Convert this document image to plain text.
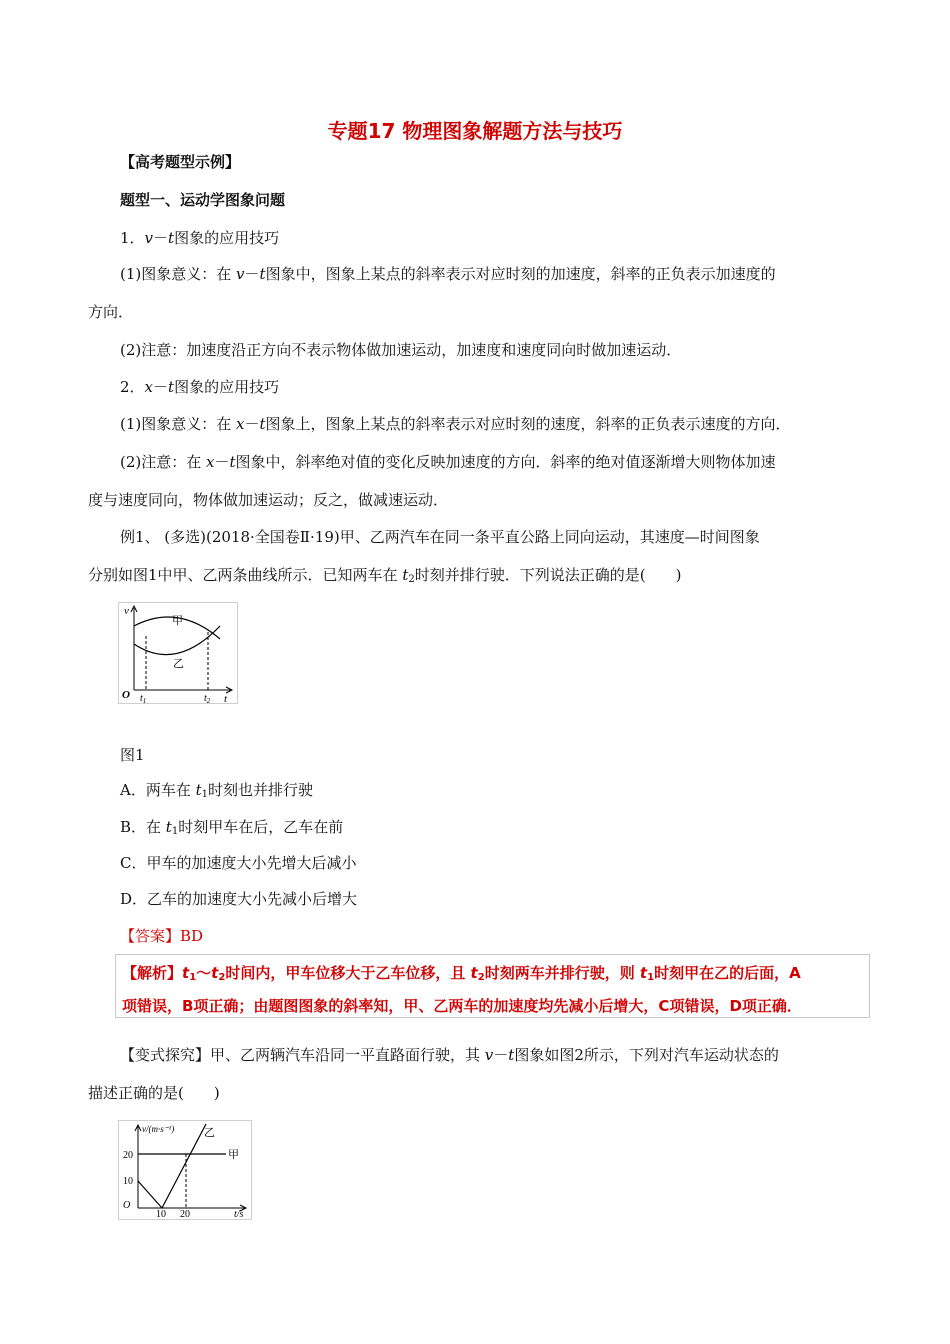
专题17 物理图象解题方法与技巧
【高考题型示例】
题型一、运动学图象问题
1．v－t图象的应用技巧
(1)图象意义：在 v－t图象中，图象上某点的斜率表示对应时刻的加速度，斜率的正负表示加速度的
方向．
(2)注意：加速度沿正方向不表示物体做加速运动，加速度和速度同向时做加速运动．
2．x－t图象的应用技巧
(1)图象意义：在 x－t图象上，图象上某点的斜率表示对应时刻的速度，斜率的正负表示速度的方向．
(2)注意：在 x－t图象中，斜率绝对值的变化反映加速度的方向．斜率的绝对值逐渐增大则物体加速
度与速度同向，物体做加速运动；反之，做减速运动．
例1、 (多选)(2018·全国卷Ⅱ·19)甲、乙两汽车在同一条平直公路上同向运动，其速度—时间图象
分别如图1中甲、乙两条曲线所示．已知两车在 $t_2$时刻并排行驶．下列说法正确的是(　　)
v
O	t
$t_1$	$t_2$
甲
乙
图1
A．两车在 $t_1$时刻也并排行驶
B．在 $t_1$时刻甲车在后，乙车在前
C．甲车的加速度大小先增大后减小
D．乙车的加速度大小先减小后增大
【答案】BD
【解析】$t_1\sim t_2$时间内，甲车位移大于乙车位移，且 $t_2$时刻两车并排行驶，则 $t_1$时刻甲在乙的后面，A
项错误，B项正确；由题图图象的斜率知，甲、乙两车的加速度均先减小后增大，C项错误，D项正确．
【变式探究】甲、乙两辆汽车沿同一平直路面行驶，其 v－t图象如图2所示，下列对汽车运动状态的
描述正确的是(　　)
v/(m·s⁻¹)
20
10
O
10 20	t/s
甲
乙
